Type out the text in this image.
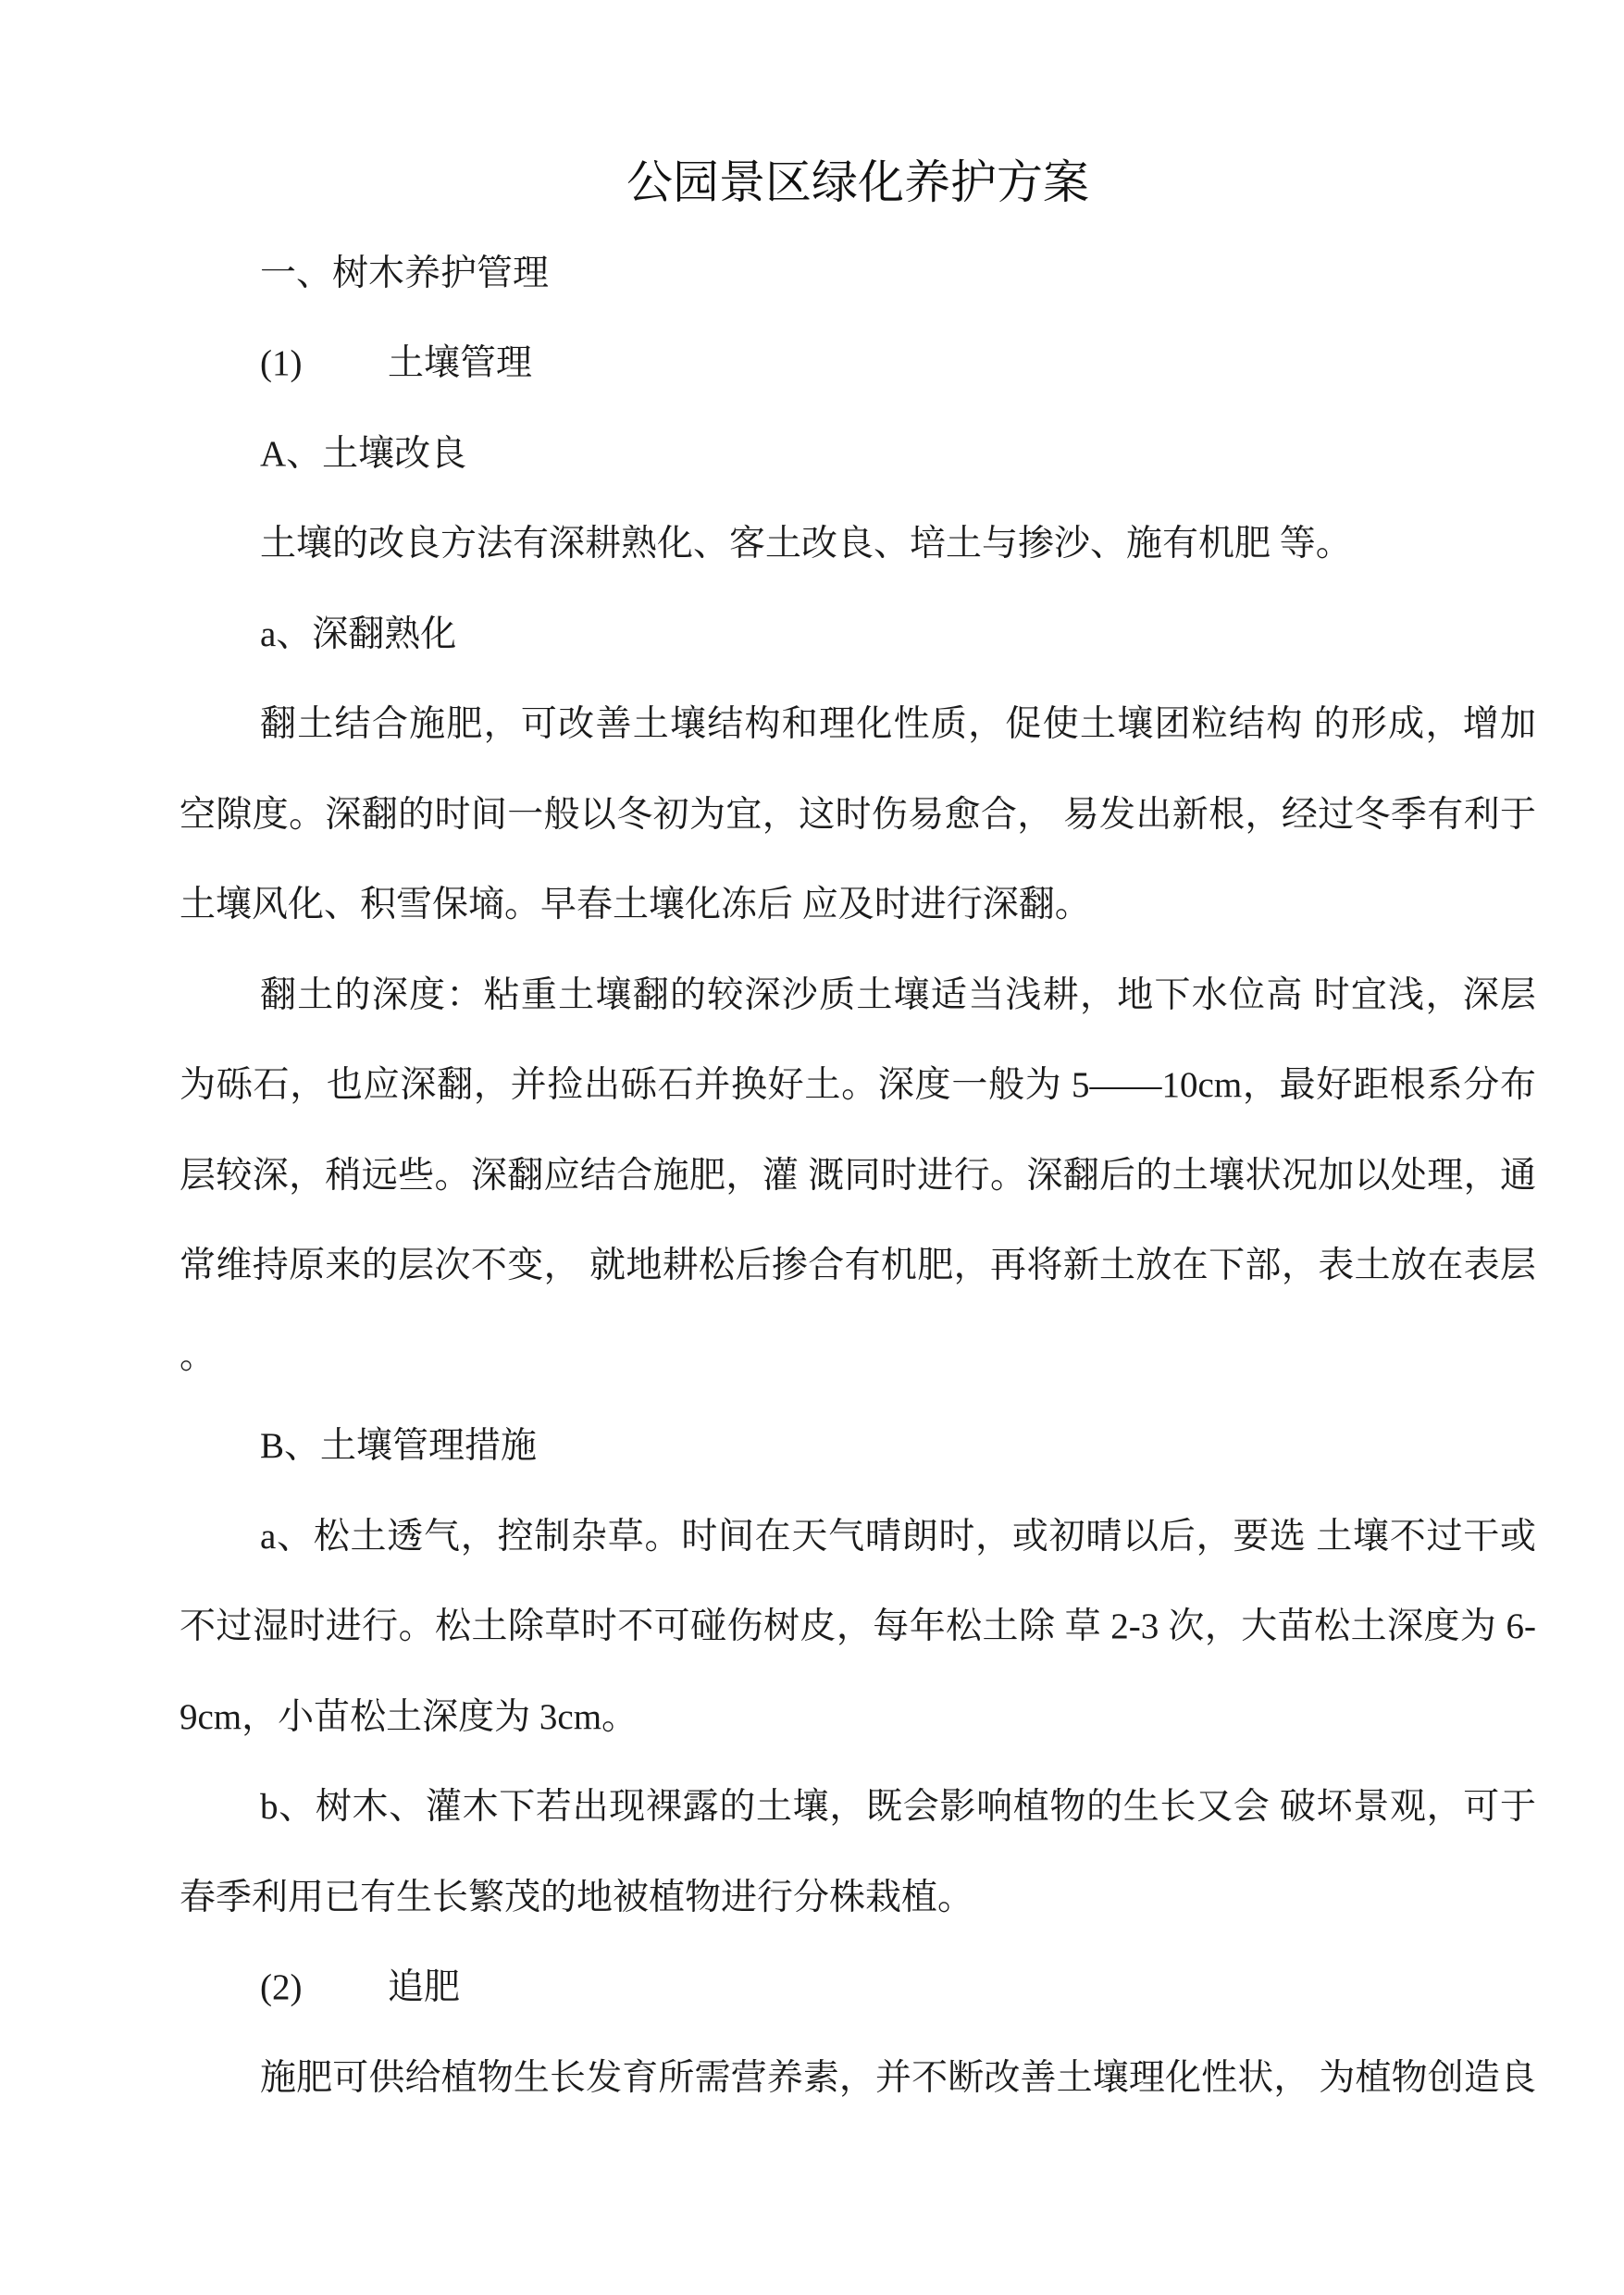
公园景区绿化养护方案
一、树木养护管理
(1) 土壤管理
A、土壤改良
土壤的改良方法有深耕熟化、客土改良、培土与掺沙、施有机肥 等。
a、深翻熟化
翻土结合施肥，可改善土壤结构和理化性质，促使土壤团粒结构 的形成，增加
空隙度。深翻的时间一般以冬初为宜，这时伤易愈合， 易发出新根，经过冬季有利于
土壤风化、积雪保墒。早春土壤化冻后 应及时进行深翻。
翻土的深度：粘重土壤翻的较深沙质土壤适当浅耕，地下水位高 时宜浅，深层
为砾石，也应深翻，并捡出砾石并换好土。深度一般为 5——10cm，最好距根系分布
层较深，稍远些。深翻应结合施肥，灌 溉同时进行。深翻后的土壤状况加以处理，通
常维持原来的层次不变， 就地耕松后掺合有机肥，再将新土放在下部，表土放在表层
。
B、土壤管理措施
a、松土透气，控制杂草。时间在天气晴朗时，或初晴以后，要选 土壤不过干或
不过湿时进行。松土除草时不可碰伤树皮，每年松土除 草 2-3 次，大苗松土深度为 6-
9cm，小苗松土深度为 3cm。
b、树木、灌木下若出现裸露的土壤，既会影响植物的生长又会 破坏景观，可于
春季利用已有生长繁茂的地被植物进行分株栽植。
(2) 追肥
施肥可供给植物生长发育所需营养素，并不断改善土壤理化性状， 为植物创造良
